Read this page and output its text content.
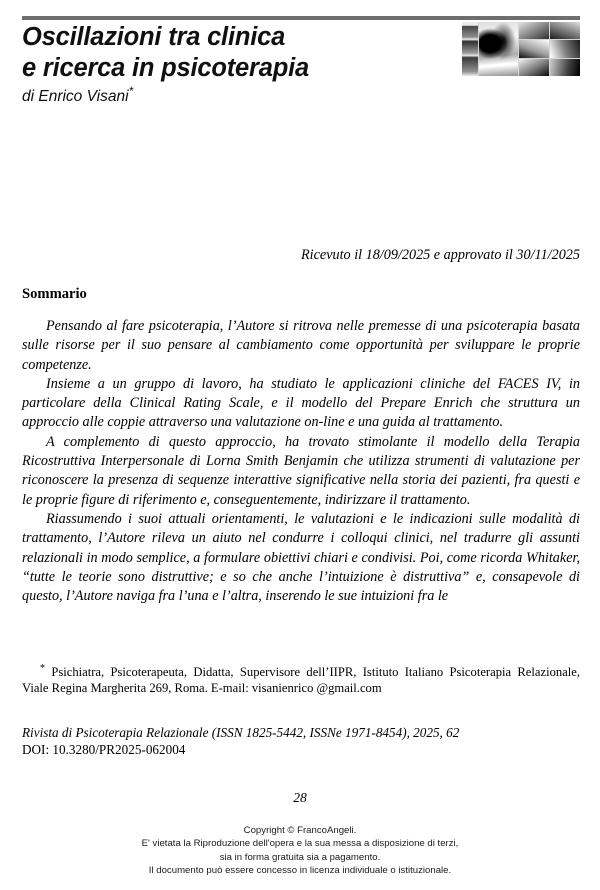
Oscillazioni tra clinica
e ricerca in psicoterapia
di Enrico Visani*
Ricevuto il 18/09/2025 e approvato il 30/11/2025
Sommario

Pensando al fare psicoterapia, l’Autore si ritrova nelle premesse di una psicoterapia basata sulle risorse per il suo pensare al cambiamento come opportunità per sviluppare le proprie competenze.

Insieme a un gruppo di lavoro, ha studiato le applicazioni cliniche del FACES IV, in particolare della Clinical Rating Scale, e il modello del Prepare Enrich che struttura un approccio alle coppie attraverso una valutazione on-line e una guida al trattamento.

A complemento di questo approccio, ha trovato stimolante il modello della Terapia Ricostruttiva Interpersonale di Lorna Smith Benjamin che utilizza strumenti di valutazione per riconoscere la presenza di sequenze interattive significative nella storia dei pazienti, fra questi e le proprie figure di riferimento e, conseguentemente, indirizzare il trattamento.

Riassumendo i suoi attuali orientamenti, le valutazioni e le indicazioni sulle modalità di trattamento, l’Autore rileva un aiuto nel condurre i colloqui clinici, nel tradurre gli assunti relazionali in modo semplice, a formulare obiettivi chiari e condivisi. Poi, come ricorda Whitaker, “tutte le teorie sono distruttive; e so che anche l’intuizione è distruttiva” e, consapevole di questo, l’Autore naviga fra l’una e l’altra, inserendo le sue intuizioni fra le

* Psichiatra, Psicoterapeuta, Didatta, Supervisore dell’IIPR, Istituto Italiano Psicoterapia Relazionale, Viale Regina Margherita 269, Roma. E-mail: visanienrico @gmail.com

Rivista di Psicoterapia Relazionale (ISSN 1825-5442, ISSNe 1971-8454), 2025, 62
DOI: 10.3280/PR2025-062004
28
Copyright © FrancoAngeli.
E' vietata la Riproduzione dell'opera e la sua messa a disposizione di terzi,
sia in forma gratuita sia a pagamento.
Il documento può essere concesso in licenza individuale o istituzionale.
